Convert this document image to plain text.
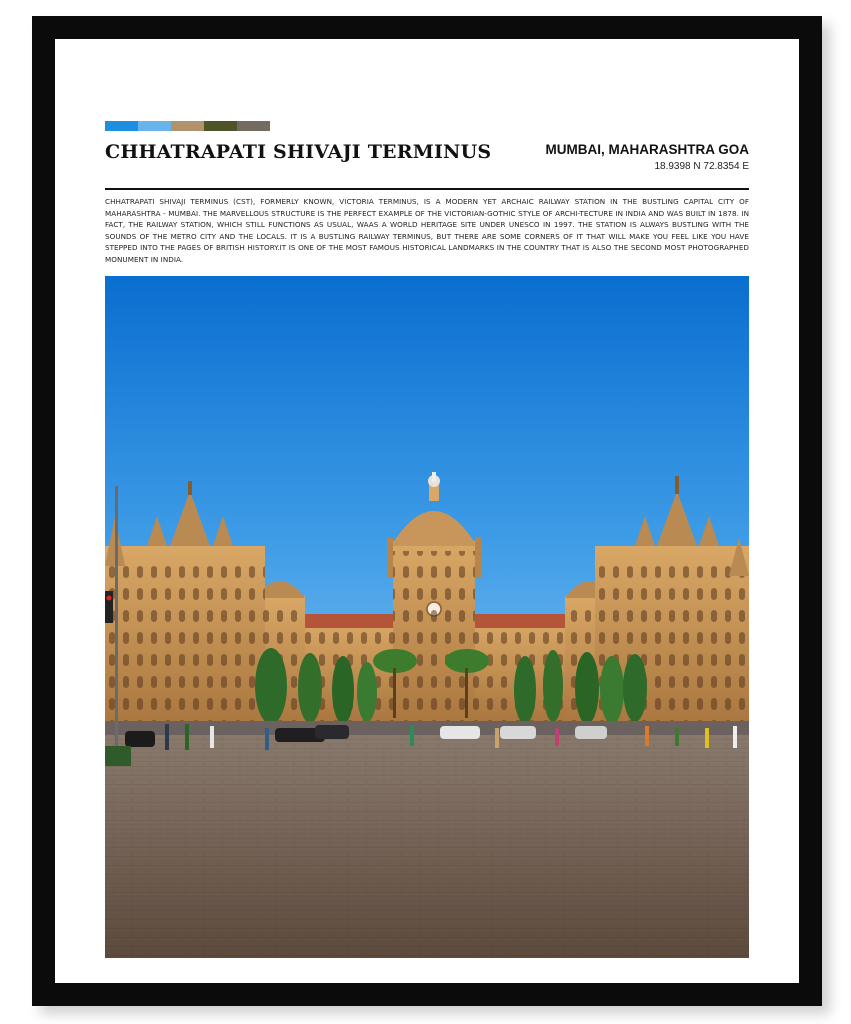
CHHATRAPATI SHIVAJI TERMINUS	MUMBAI, MAHARASHTRA GOA
18.9398 N 72.8354 E

CHHATRAPATI SHIVAJI TERMINUS (CST), FORMERLY KNOWN, VICTORIA TERMINUS, IS A MODERN YET ARCHAIC RAILWAY STATION IN THE BUSTLING CAPITAL CITY OF MAHARASHTRA - MUMBAI. THE MARVELLOUS STRUCTURE IS THE PERFECT EXAMPLE OF THE VICTORIAN-GOTHIC STYLE OF ARCHI-TECTURE IN INDIA AND WAS BUILT IN 1878. IN FACT, THE RAILWAY STATION, WHICH STILL FUNCTIONS AS USUAL, WAAS A WORLD HERITAGE SITE UNDER UNESCO IN 1997. THE STATION IS ALWAYS BUSTLING WITH THE SOUNDS OF THE METRO CITY AND THE LOCALS. IT IS A BUSTLING RAILWAY TERMINUS, BUT THERE ARE SOME CORNERS OF IT THAT WILL MAKE YOU FEEL LIKE YOU HAVE STEPPED INTO THE PAGES OF BRITISH HISTORY.IT IS ONE OF THE MOST FAMOUS HISTORICAL LANDMARKS IN THE COUNTRY THAT IS ALSO THE SECOND MOST PHOTOGRAPHED MONUMENT IN INDIA.
